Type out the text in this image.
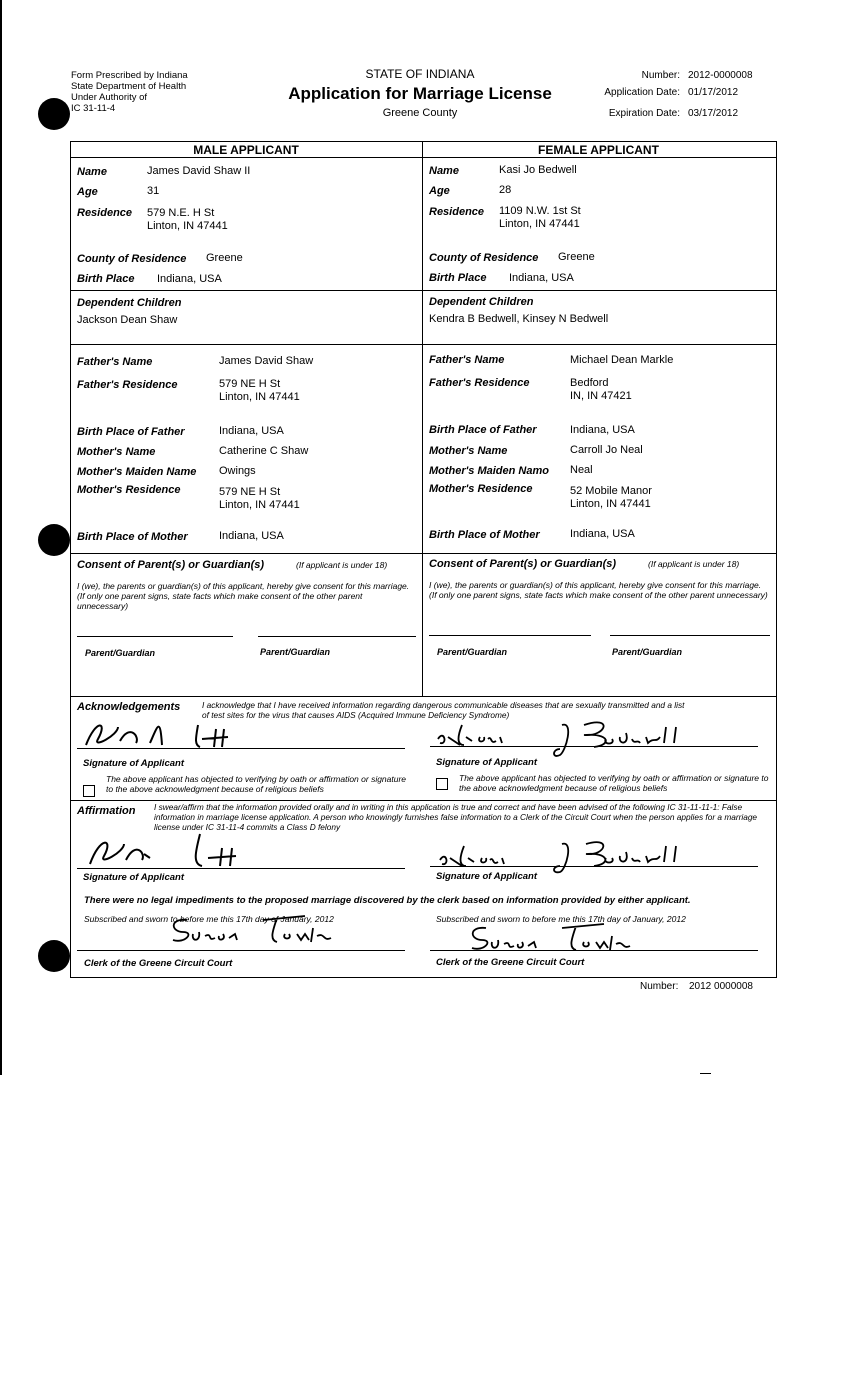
Form Prescribed by Indiana
State Department of Health
Under Authority of
IC 31-11-4
STATE OF INDIANA
Application for Marriage License
Greene County
Number: 2012-0000008
Application Date: 01/17/2012
Expiration Date: 03/17/2012
MALE APPLICANT	FEMALE APPLICANT
Name	James David Shaw II
Age	31
Residence 579 N.E. H St
Linton, IN 47441
County of Residence Greene
Birth Place Indiana, USA
Dependent Children
Jackson Dean Shaw
Father's Name	James David Shaw
Father's Residence	579 NE H St
Linton, IN 47441
Birth Place of Father	Indiana, USA
Mother's Name	Catherine C Shaw
Mother's Maiden Name Owings
Mother's Residence	579 NE H St
Linton, IN 47441
Birth Place of Mother	Indiana, USA
Name	Kasi Jo Bedwell
Age	28
Residence 1109 N.W. 1st St
Linton, IN 47441
County of Residence Greene
Birth Place Indiana, USA
Dependent Children
Kendra B Bedwell, Kinsey N Bedwell
Father's Name	Michael Dean Markle
Father's Residence	Bedford
IN, IN 47421
Birth Place of Father	Indiana, USA
Mother's Name	Carroll Jo Neal
Mother's Maiden Namo Neal
Mother's Residence	52 Mobile Manor
Linton, IN 47441
Birth Place of Mother	Indiana, USA
Consent of Parent(s) or Guardian(s)	(If applicant is under 18)
I (we), the parents or guardian(s) of this applicant, hereby give consent for this marriage. (If only one parent signs, state facts which make consent of the other parent unnecessary)
Parent/Guardian	Parent/Guardian
Consent of Parent(s) or Guardian(s)	(If applicant is under 18)
I (we), the parents or guardian(s) of this applicant, hereby give consent for this marriage. (If only one parent signs, state facts which make consent of the other parent unnecessary)
Parent/Guardian	Parent/Guardian
Acknowledgements	I acknowledge that I have received information regarding dangerous communicable diseases that are sexually transmitted and a list
of test sites for the virus that causes AIDS (Acquired Immune Deficiency Syndrome)
Signature of Applicant
The above applicant has objected to verifying by oath or affirmation or signature to the above acknowledgment because of religious beliefs
Signature of Applicant
The above applicant has objected to verifying by oath or affirmation or signature to the above acknowledgment because of religious beliefs
Affirmation I swear/affirm that the information provided orally and in writing in this application is true and correct and have been advised of the following IC 31-11-11-1: False information in marriage license application. A person who knowingly furnishes false information to a Clerk of the Circuit Court when the person applies for a marriage license under IC 31-11-4 commits a Class D felony
Signature of Applicant	Signature of Applicant
There were no legal impediments to the proposed marriage discovered by the clerk based on information provided by either applicant.
Subscribed and sworn to before me this 17th day of January, 2012
Clerk of the Greene Circuit Court
Subscribed and sworn to before me this 17th day of January, 2012
Clerk of the Greene Circuit Court
Number: 2012 0000008
